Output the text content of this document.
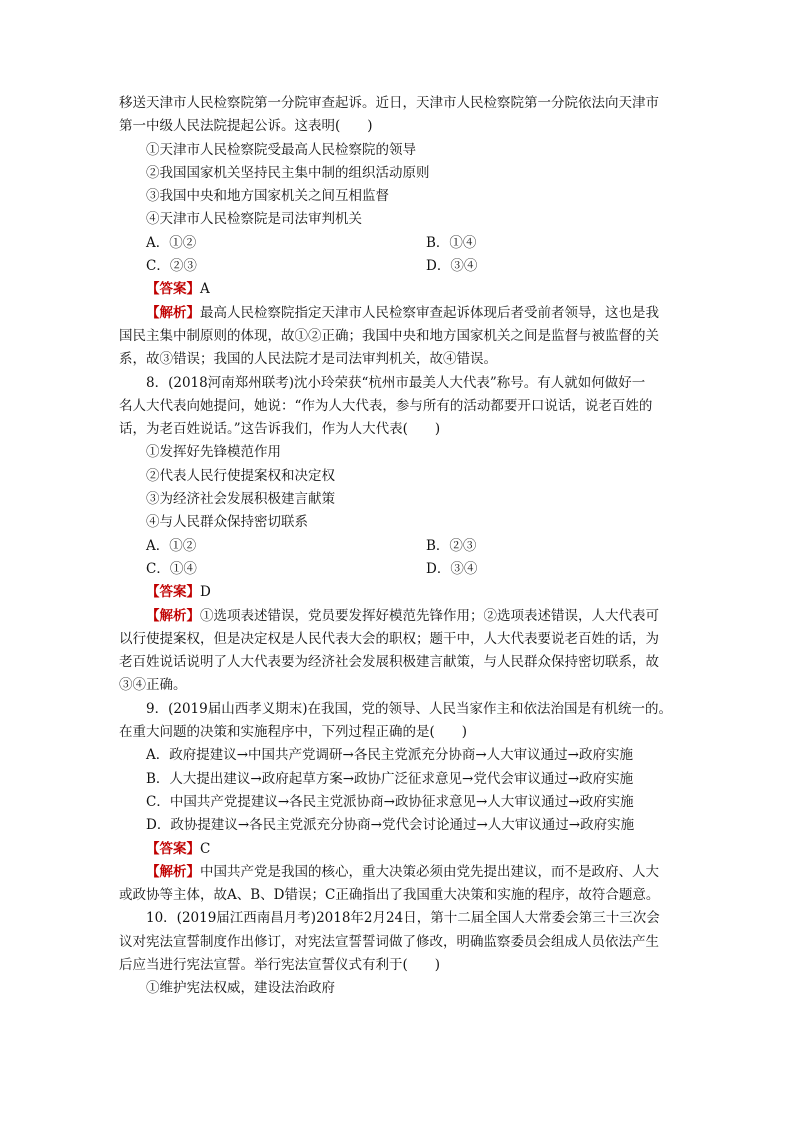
移送天津市人民检察院第一分院审查起诉。近日，天津市人民检察院第一分院依法向天津市
第一中级人民法院提起公诉。这表明(　　)
①天津市人民检察院受最高人民检察院的领导
②我国国家机关坚持民主集中制的组织活动原则
③我国中央和地方国家机关之间互相监督
④天津市人民检察院是司法审判机关
A．①②	B．①④
C．②③	D．③④
【答案】A
【解析】最高人民检察院指定天津市人民检察审查起诉体现后者受前者领导，这也是我
国民主集中制原则的体现，故①②正确；我国中央和地方国家机关之间是监督与被监督的关
系，故③错误；我国的人民法院才是司法审判机关，故④错误。
8．(2018河南郑州联考)沈小玲荣获“杭州市最美人大代表”称号。有人就如何做好一
名人大代表向她提问，她说：“作为人大代表，参与所有的活动都要开口说话，说老百姓的
话，为老百姓说话。”这告诉我们，作为人大代表(　　)
①发挥好先锋模范作用
②代表人民行使提案权和决定权
③为经济社会发展积极建言献策
④与人民群众保持密切联系
A．①②	B．②③
C．①④	D．③④
【答案】D
【解析】①选项表述错误，党员要发挥好模范先锋作用；②选项表述错误，人大代表可
以行使提案权，但是决定权是人民代表大会的职权；题干中，人大代表要说老百姓的话，为
老百姓说话说明了人大代表要为经济社会发展积极建言献策，与人民群众保持密切联系，故
③④正确。
9．(2019届山西孝义期末)在我国，党的领导、人民当家作主和依法治国是有机统一的。
在重大问题的决策和实施程序中，下列过程正确的是(　　)
A．政府提建议→中国共产党调研→各民主党派充分协商→人大审议通过→政府实施
B．人大提出建议→政府起草方案→政协广泛征求意见→党代会审议通过→政府实施
C．中国共产党提建议→各民主党派协商→政协征求意见→人大审议通过→政府实施
D．政协提建议→各民主党派充分协商→党代会讨论通过→人大审议通过→政府实施
【答案】C
【解析】中国共产党是我国的核心，重大决策必须由党先提出建议，而不是政府、人大
或政协等主体，故A、B、D错误；C正确指出了我国重大决策和实施的程序，故符合题意。
10．(2019届江西南昌月考)2018年2月24日，第十二届全国人大常委会第三十三次会
议对宪法宣誓制度作出修订，对宪法宣誓誓词做了修改，明确监察委员会组成人员依法产生
后应当进行宪法宣誓。举行宪法宣誓仪式有利于(　　)
①维护宪法权威，建设法治政府
